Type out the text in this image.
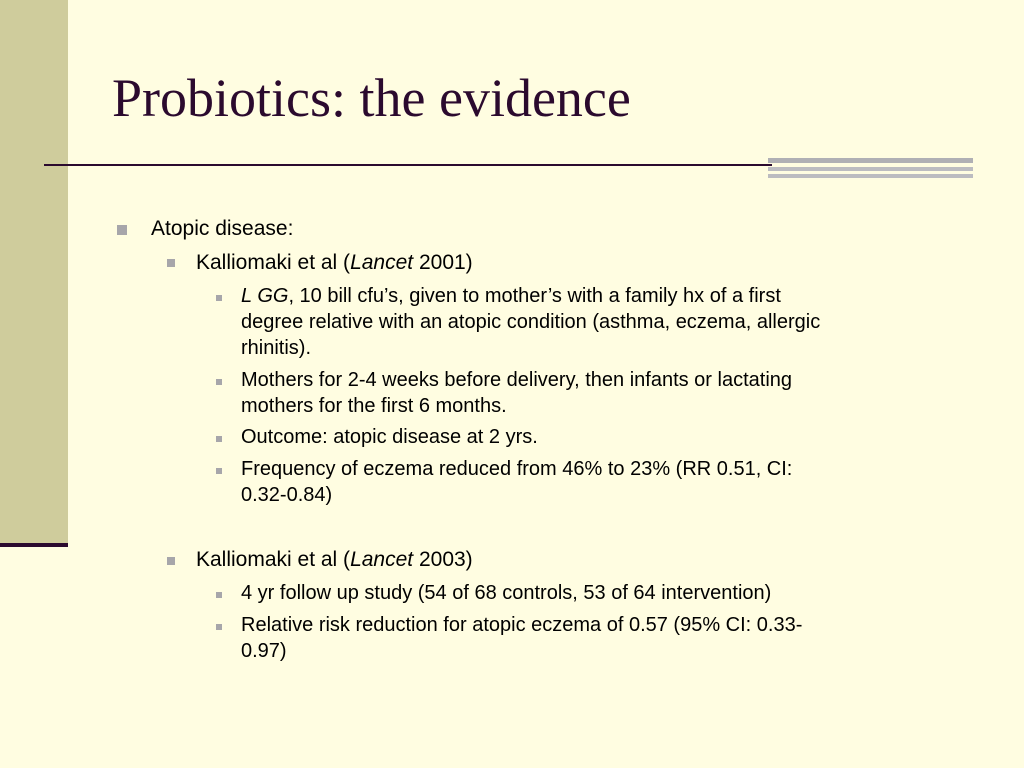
Probiotics: the evidence
Atopic disease:
Kalliomaki et al (Lancet 2001)
L GG, 10 bill cfu’s, given to mother’s with a family hx of a first
degree relative with an atopic condition (asthma, eczema, allergic
rhinitis).
Mothers for 2-4 weeks before delivery, then infants or lactating
mothers for the first 6 months.
Outcome: atopic disease at 2 yrs.
Frequency of eczema reduced from 46% to 23% (RR 0.51, CI:
0.32-0.84)
Kalliomaki et al (Lancet 2003)
4 yr follow up study (54 of 68 controls, 53 of 64 intervention)
Relative risk reduction for atopic eczema of 0.57 (95% CI: 0.33-
0.97)
